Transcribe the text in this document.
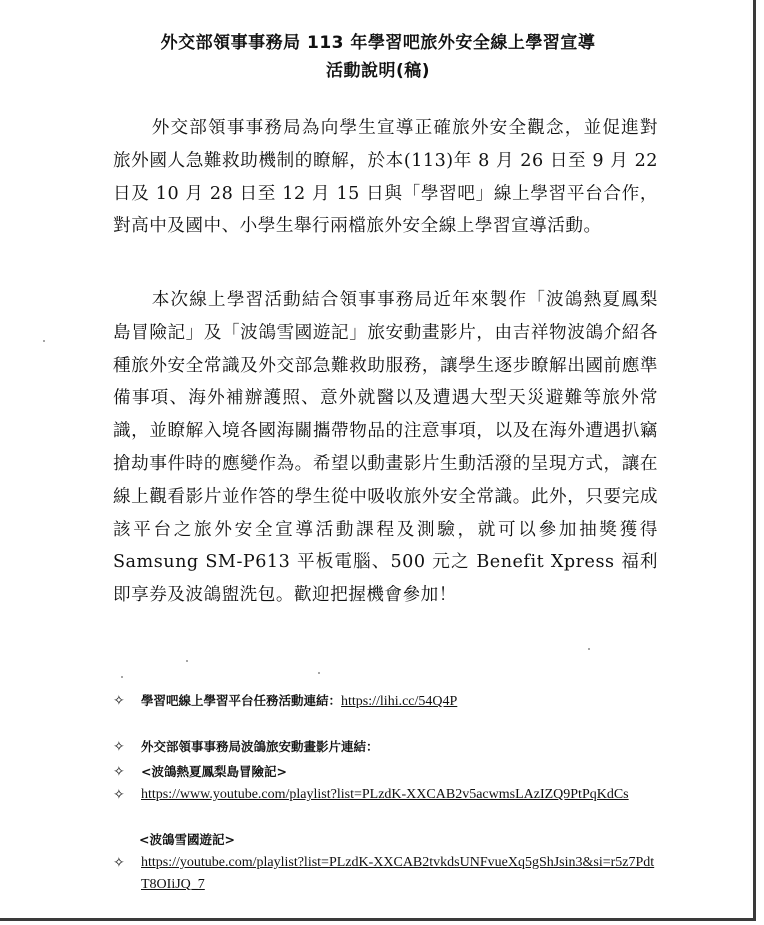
外交部領事事務局 113 年學習吧旅外安全線上學習宣導
活動說明(稿)

外交部領事事務局為向學生宣導正確旅外安全觀念，並促進對旅外國人急難救助機制的瞭解，於本(113)年 8 月 26 日至 9 月 22 日及 10 月 28 日至 12 月 15 日與「學習吧」線上學習平台合作，對高中及國中、小學生舉行兩檔旅外安全線上學習宣導活動。

本次線上學習活動結合領事事務局近年來製作「波鴿熱夏鳳梨島冒險記」及「波鴿雪國遊記」旅安動畫影片，由吉祥物波鴿介紹各種旅外安全常識及外交部急難救助服務，讓學生逐步瞭解出國前應準備事項、海外補辦護照、意外就醫以及遭遇大型天災避難等旅外常識，並瞭解入境各國海關攜帶物品的注意事項，以及在海外遭遇扒竊搶劫事件時的應變作為。希望以動畫影片生動活潑的呈現方式，讓在線上觀看影片並作答的學生從中吸收旅外安全常識。此外，只要完成該平台之旅外安全宣導活動課程及測驗，就可以參加抽獎獲得 Samsung SM-P613 平板電腦、500 元之 Benefit Xpress 福利即享券及波鴿盥洗包。歡迎把握機會參加！

✧	學習吧線上學習平台任務活動連結：https://lihi.cc/54Q4P
✧	外交部領事事務局波鴿旅安動畫影片連結：
✧	<波鴿熱夏鳳梨島冒險記>
✧	https://www.youtube.com/playlist?list=PLzdK-XXCAB2v5acwmsLAzIZQ9PtPqKdCs
<波鴿雪國遊記>
✧	https://youtube.com/playlist?list=PLzdK-XXCAB2tvkdsUNFvueXq5gShJsin3&si=r5z7PdtT8OIiJQ_7
